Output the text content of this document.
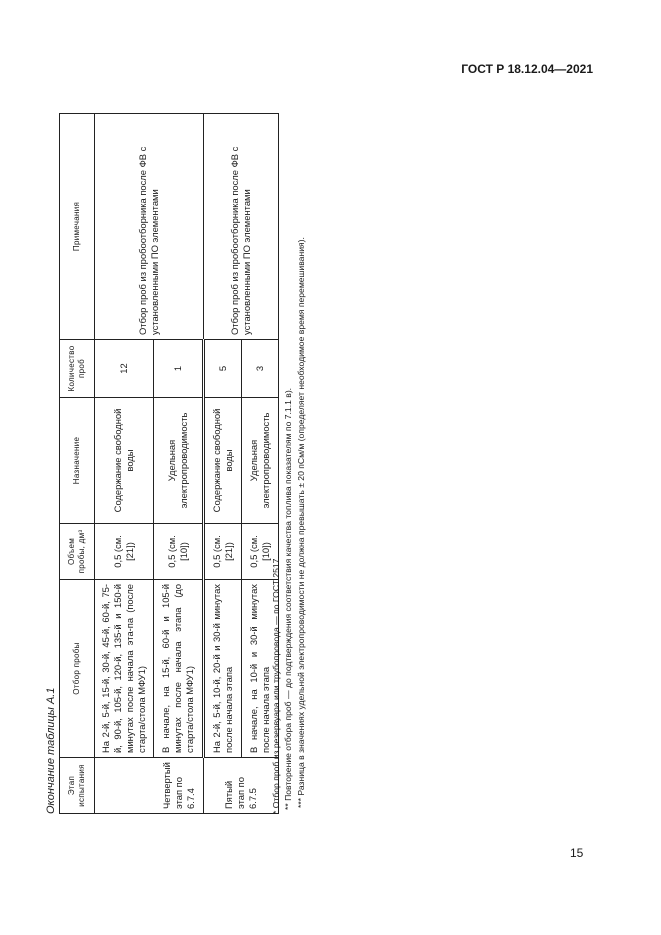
ГОСТ Р 18.12.04—2021
Окончание таблицы А.1 Этап испытания	Отбор пробы	Объем пробы, дм³	Назначение	Количество проб	Примечания
Четвертый этап по 6.7.4	На 2-й, 5-й, 15-й, 30-й, 45-й, 60-й, 75-й, 90-й, 105-й, 120-й, 135-й и 150-й минутах после начала эта-па (после старта/стола МФУ1)	0,5 (см. [21])	Содержание свободной воды	12	Отбор проб из пробоотборника после ФВ с установленными ПО элементами
	В начале, на 15-й, 60-й и 105-й минутах после начала этапа (до старта/стола МФУ1)	0,5 (см. [10])	Удельная электропроводимость	1	
Пятый этап по 6.7.5	На 2-й, 5-й, 10-й, 20-й и 30-й минутах после начала этапа	0,5 (см. [21])	Содержание свободной воды	5	Отбор проб из пробоотборника после ФВ с установленными ПО элементами
	В начале, на 10-й и 30-й минутах после начала этапа	0,5 (см. [10])	Удельная электропроводимость	3	
* Отбор проб из резервуара или трубопровода — по ГОСТ 2517. ** Повторение отбора проб — до подтверждения соответствия качества топлива показателям по 7.1.1 в). *** Разница в значениях удельной электропроводимости не должна превышать ± 20 пСм/м (определяет необходимое время перемешивания).
15
